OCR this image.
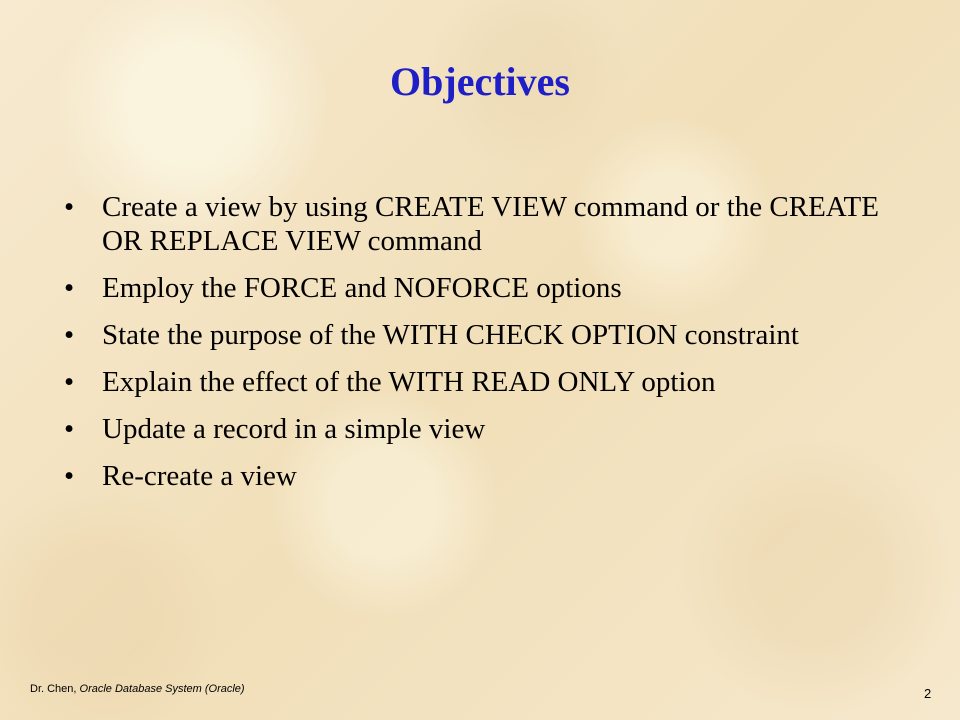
Objectives
• Create a view by using CREATE VIEW command or the CREATE OR REPLACE VIEW command
• Employ the FORCE and NOFORCE options
• State the purpose of the WITH CHECK OPTION constraint
• Explain the effect of the WITH READ ONLY option
• Update a record in a simple view
• Re-create a view
Dr. Chen, Oracle Database System (Oracle)	2
